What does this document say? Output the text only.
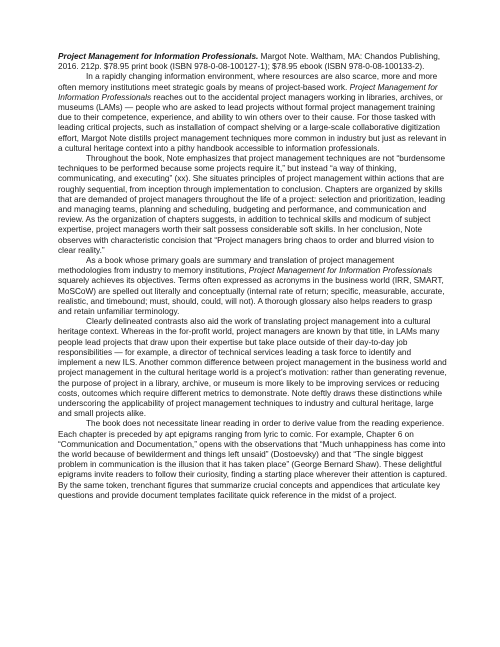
Project Management for Information Professionals. Margot Note. Waltham, MA: Chandos Publishing, 2016. 212p. $78.95 print book (ISBN 978-0-08-100127-1); $78.95 ebook (ISBN 978-0-08-100133-2).

In a rapidly changing information environment, where resources are also scarce, more and more often memory institutions meet strategic goals by means of project-based work. Project Management for Information Professionals reaches out to the accidental project managers working in libraries, archives, or museums (LAMs) — people who are asked to lead projects without formal project management training due to their competence, experience, and ability to win others over to their cause. For those tasked with leading critical projects, such as installation of compact shelving or a large-scale collaborative digitization effort, Margot Note distills project management techniques more common in industry but just as relevant in a cultural heritage context into a pithy handbook accessible to information professionals.

Throughout the book, Note emphasizes that project management techniques are not “burdensome techniques to be performed because some projects require it,” but instead “a way of thinking, communicating, and executing” (xx). She situates principles of project management within actions that are roughly sequential, from inception through implementation to conclusion. Chapters are organized by skills that are demanded of project managers throughout the life of a project: selection and prioritization, leading and managing teams, planning and scheduling, budgeting and performance, and communication and review. As the organization of chapters suggests, in addition to technical skills and modicum of subject expertise, project managers worth their salt possess considerable soft skills. In her conclusion, Note observes with characteristic concision that “Project managers bring chaos to order and blurred vision to clear reality.”

As a book whose primary goals are summary and translation of project management methodologies from industry to memory institutions, Project Management for Information Professionals squarely achieves its objectives. Terms often expressed as acronyms in the business world (IRR, SMART, MoSCoW) are spelled out literally and conceptually (internal rate of return; specific, measurable, accurate, realistic, and timebound; must, should, could, will not). A thorough glossary also helps readers to grasp and retain unfamiliar terminology.

Clearly delineated contrasts also aid the work of translating project management into a cultural heritage context. Whereas in the for-profit world, project managers are known by that title, in LAMs many people lead projects that draw upon their expertise but take place outside of their day-to-day job responsibilities — for example, a director of technical services leading a task force to identify and implement a new ILS. Another common difference between project management in the business world and project management in the cultural heritage world is a project’s motivation: rather than generating revenue, the purpose of project in a library, archive, or museum is more likely to be improving services or reducing costs, outcomes which require different metrics to demonstrate. Note deftly draws these distinctions while underscoring the applicability of project management techniques to industry and cultural heritage, large and small projects alike.

The book does not necessitate linear reading in order to derive value from the reading experience. Each chapter is preceded by apt epigrams ranging from lyric to comic. For example, Chapter 6 on “Communication and Documentation,” opens with the observations that “Much unhappiness has come into the world because of bewilderment and things left unsaid” (Dostoevsky) and that “The single biggest problem in communication is the illusion that it has taken place” (George Bernard Shaw). These delightful epigrams invite readers to follow their curiosity, finding a starting place wherever their attention is captured. By the same token, trenchant figures that summarize crucial concepts and appendices that articulate key questions and provide document templates facilitate quick reference in the midst of a project.
